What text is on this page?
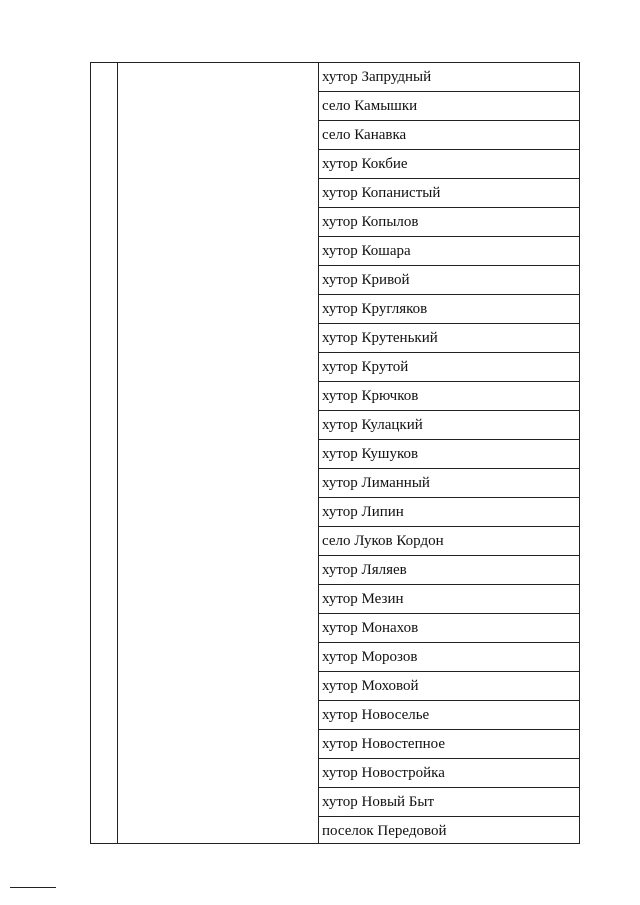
хутор Запрудный
село Камышки
село Канавка
хутор Кокбие
хутор Копанистый
хутор Копылов
хутор Кошара
хутор Кривой
хутор Кругляков
хутор Крутенький
хутор Крутой
хутор Крючков
хутор Кулацкий
хутор Кушуков
хутор Лиманный
хутор Липин
село Луков Кордон
хутор Ляляев
хутор Мезин
хутор Монахов
хутор Морозов
хутор Моховой
хутор Новоселье
хутор Новостепное
хутор Новостройка
хутор Новый Быт
поселок Передовой
